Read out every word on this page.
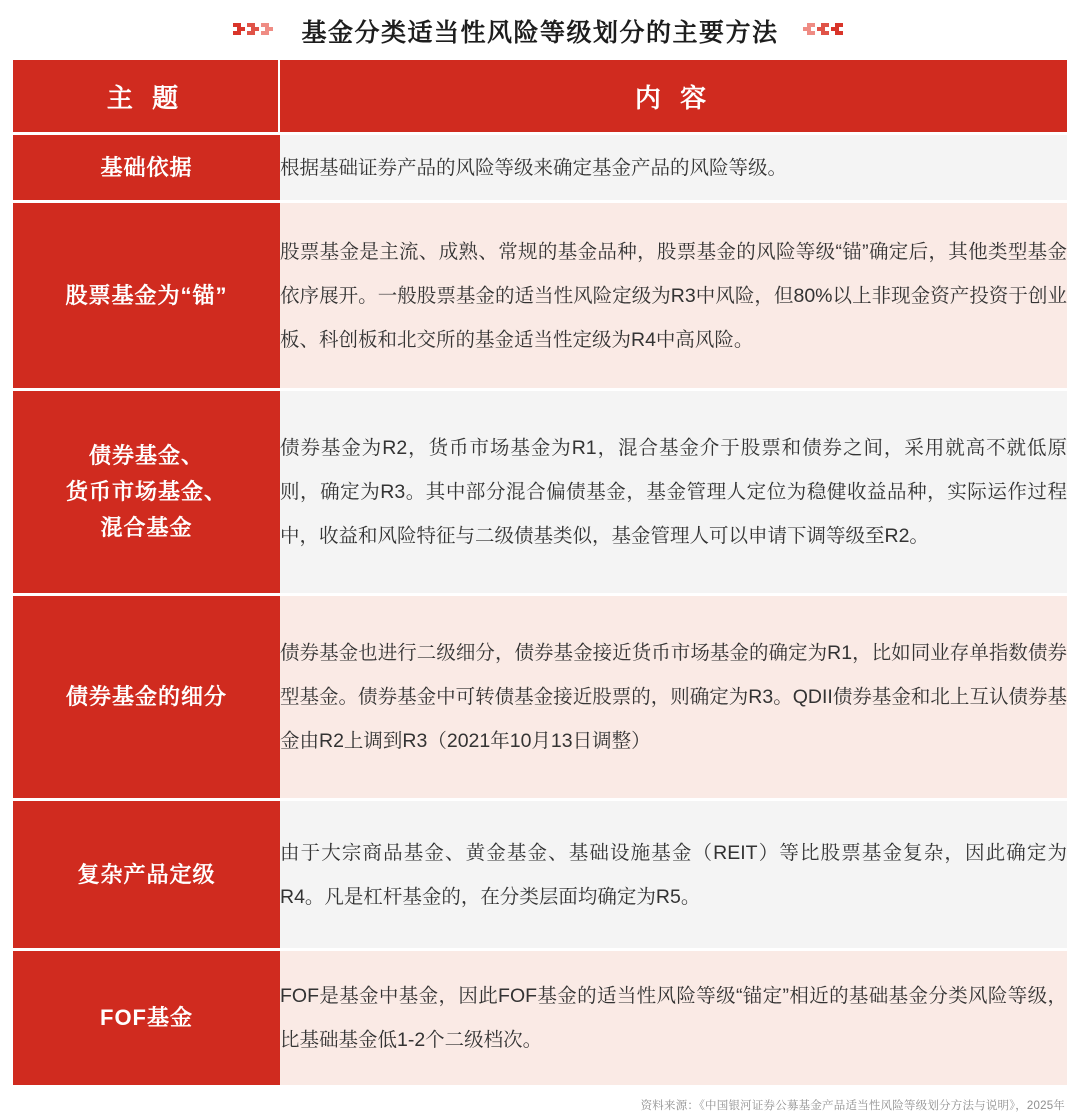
基金分类适当性风险等级划分的主要方法
主 题	内 容
基础依据	根据基础证券产品的风险等级来确定基金产品的风险等级。
股票基金为“锚”	股票基金是主流、成熟、常规的基金品种，股票基金的风险等级“锚”确定后，其他类型基金依序展开。一般股票基金的适当性风险定级为R3中风险，但80%以上非现金资产投资于创业板、科创板和北交所的基金适当性定级为R4中高风险。
债券基金、
货币市场基金、
混合基金	债券基金为R2，货币市场基金为R1，混合基金介于股票和债券之间，采用就高不就低原则，确定为R3。其中部分混合偏债基金，基金管理人定位为稳健收益品种，实际运作过程中，收益和风险特征与二级债基类似，基金管理人可以申请下调等级至R2。
债券基金的细分	债券基金也进行二级细分，债券基金接近货币市场基金的确定为R1，比如同业存单指数债券型基金。债券基金中可转债基金接近股票的，则确定为R3。QDII债券基金和北上互认债券基金由R2上调到R3（2021年10月13日调整）
复杂产品定级	由于大宗商品基金、黄金基金、基础设施基金（REIT）等比股票基金复杂，因此确定为R4。凡是杠杆基金的，在分类层面均确定为R5。
FOF基金	FOF是基金中基金，因此FOF基金的适当性风险等级“锚定”相近的基础基金分类风险等级，比基础基金低1-2个二级档次。
资料来源：《中国银河证券公募基金产品适当性风险等级划分方法与说明》，2025年
